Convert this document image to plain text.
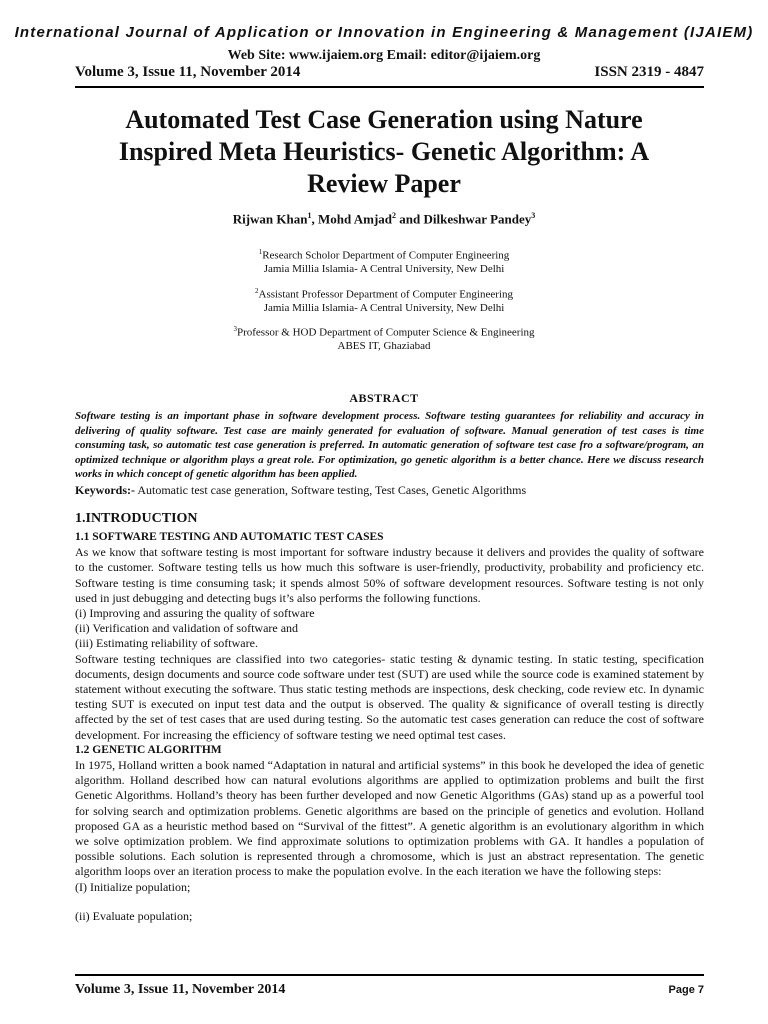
International Journal of Application or Innovation in Engineering & Management (IJAIEM)
Web Site: www.ijaiem.org Email: editor@ijaiem.org
Volume 3, Issue 11, November 2014	ISSN 2319 - 4847
Automated Test Case Generation using Nature
Inspired Meta Heuristics- Genetic Algorithm: A
Review Paper
Rijwan Khan$^1$, Mohd Amjad$^2$ and Dilkeshwar Pandey$^3$
$^1$Research Scholor Department of Computer Engineering
Jamia Millia Islamia- A Central University, New Delhi
$^2$Assistant Professor Department of Computer Engineering
Jamia Millia Islamia- A Central University, New Delhi
$^3$Professor & HOD Department of Computer Science & Engineering
ABES IT, Ghaziabad
ABSTRACT
Software testing is an important phase in software development process. Software testing guarantees for reliability and accuracy in delivering of quality software. Test case are mainly generated for evaluation of software. Manual generation of test cases is time consuming task, so automatic test case generation is preferred. In automatic generation of software test case fro a software/program, an optimized technique or algorithm plays a great role. For optimization, go genetic algorithm is a better chance. Here we discuss research works in which concept of genetic algorithm has been applied.
Keywords:- Automatic test case generation, Software testing, Test Cases, Genetic Algorithms
1.INTRODUCTION

1.1 SOFTWARE TESTING AND AUTOMATIC TEST CASES

As we know that software testing is most important for software industry because it delivers and provides the quality of software to the customer. Software testing tells us how much this software is user-friendly, productivity, probability and proficiency etc. Software testing is time consuming task; it spends almost 50% of software development resources. Software testing is not only used in just debugging and detecting bugs it’s also performs the following functions.

(i) Improving and assuring the quality of software

(ii) Verification and validation of software and

(iii) Estimating reliability of software.

Software testing techniques are classified into two categories- static testing & dynamic testing. In static testing, specification documents, design documents and source code software under test (SUT) are used while the source code is examined statement by statement without executing the software. Thus static testing methods are inspections, desk checking, code review etc. In dynamic testing SUT is executed on input test data and the output is observed. The quality & significance of overall testing is directly affected by the set of test cases that are used during testing. So the automatic test cases generation can reduce the cost of software development. For increasing the efficiency of software testing we need optimal test cases.

1.2 GENETIC ALGORITHM

In 1975, Holland written a book named “Adaptation in natural and artificial systems” in this book he developed the idea of genetic algorithm. Holland described how can natural evolutions algorithms are applied to optimization problems and built the first Genetic Algorithms. Holland’s theory has been further developed and now Genetic Algorithms (GAs) stand up as a powerful tool for solving search and optimization problems. Genetic algorithms are based on the principle of genetics and evolution. Holland proposed GA as a heuristic method based on “Survival of the fittest”. A genetic algorithm is an evolutionary algorithm in which we solve optimization problem. We find approximate solutions to optimization problems with GA. It handles a population of possible solutions. Each solution is represented through a chromosome, which is just an abstract representation. The genetic algorithm loops over an iteration process to make the population evolve. In the each iteration we have the following steps:

(I) Initialize population;

(ii) Evaluate population;

Volume 3, Issue 11, November 2014	Page 7
